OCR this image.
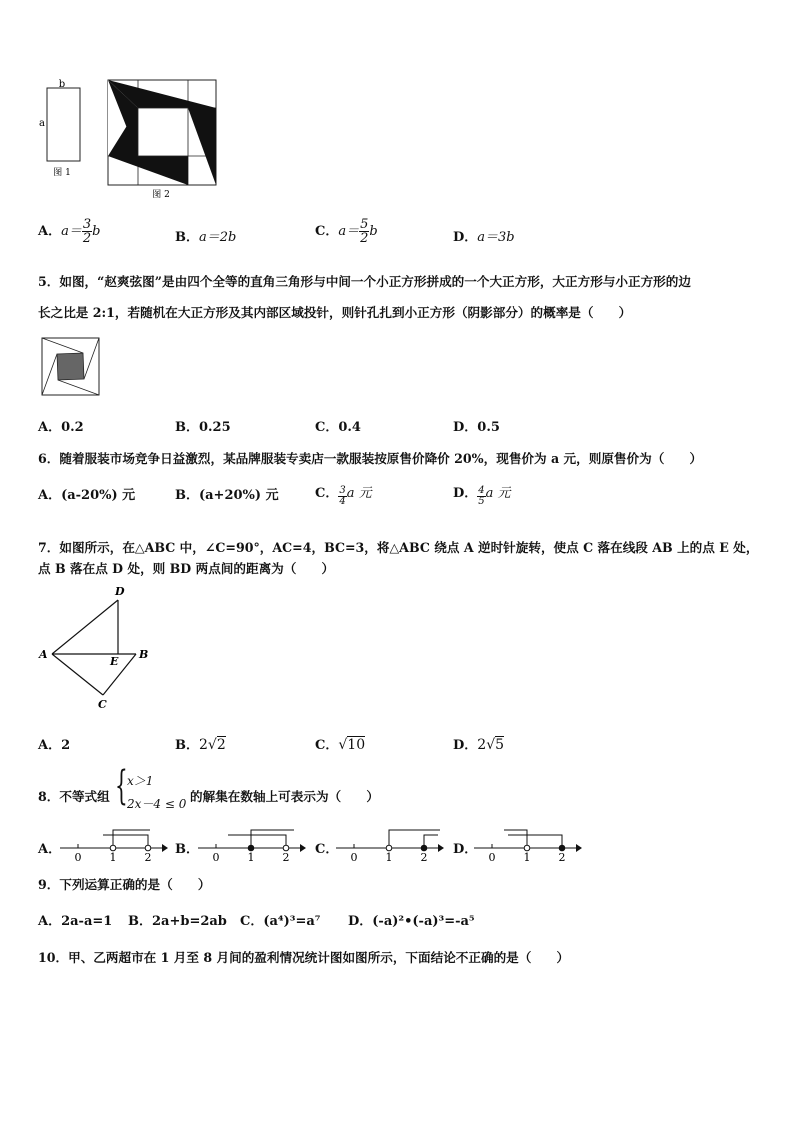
b
a
图 1
图 2
A．$a= \frac{3}{2}$ b	B．a＝2b	C．$a= \frac{5}{2}$ b	D．a＝3b
5．如图，“赵爽弦图”是由四个全等的直角三角形与中间一个小正方形拼成的一个大正方形，大正方形与小正方形的边
长之比是 2:1，若随机在大正方形及其内部区域投针，则针孔扎到小正方形（阴影部分）的概率是（　　）
A．0.2	B．0.25	C．0.4	D．0.5
6．随着服装市场竞争日益激烈，某品牌服装专卖店一款服装按原售价降价 20%，现售价为 a 元，则原售价为（　　）
A．(a-20%) 元	B．(a+20%) 元	C． $\frac{3}{4}$ a 元	D． $\frac{4}{5}$ a 元
7．如图所示，在△ABC 中，∠C=90°，AC=4，BC=3，将△ABC 绕点 A 逆时针旋转，使点 C 落在线段 AB 上的点 E 处，
点 B 落在点 D 处，则 BD 两点间的距离为（　　）
D
A
E
B
C
A．2	B．2√2	C．√10	D．2√5
8．不等式组 { x＞1
2x－4 ≤ 0 的解集在数轴上可表示为（　　）
A．
0	1	2
B．
0	1	2
C．
0	1	2
D．
0	1	2
9．下列运算正确的是（　　）
A．2a-a=1 B．2a+b=2ab C．(a⁴)³=a⁷ D．(-a)²•(-a)³=-a⁵
10．甲、乙两超市在 1 月至 8 月间的盈利情况统计图如图所示，下面结论不正确的是（　　）
